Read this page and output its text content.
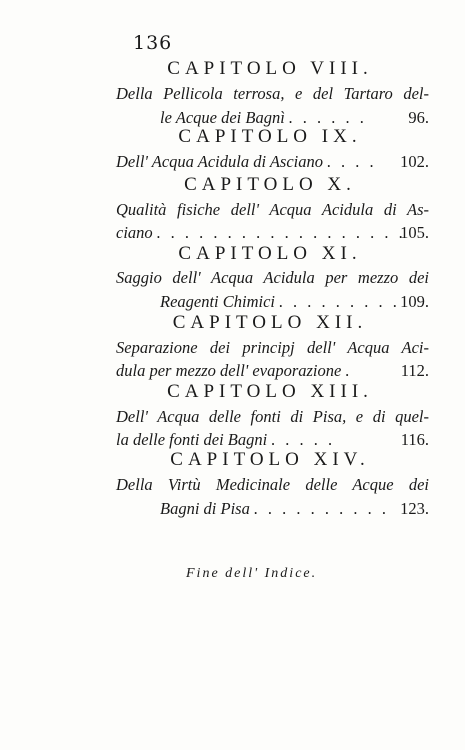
136
CAPITOLO VIII.
Della Pellicola terrosa, e del Tartaro del-
le Acque dei Bagnì . . . . . . 96.
CAPITOLO IX.
Dell' Acqua Acidula di Asciano . . . . 102.
CAPITOLO X.
Qualità fisiche dell' Acqua Acidula di As-
ciano . . . . . . . . . . . . . . . . . .
105.
CAPITOLO XI.
Saggio dell' Acqua Acidula per mezzo dei
Reagenti Chimici . . . . . . . . . 109.
CAPITOLO XII.
Separazione dei principj dell' Acqua Aci-
dula per mezzo dell' evaporazione .	112.
CAPITOLO XIII.
Dell' Acqua delle fonti di Pisa, e di quel-
la delle fonti dei Bagni . . . . .	116.
CAPITOLO XIV.
Della Virtù Medicinale delle Acque dei
Bagni di Pisa . . . . . . . . . . 123.
Fine dell' Indice.
